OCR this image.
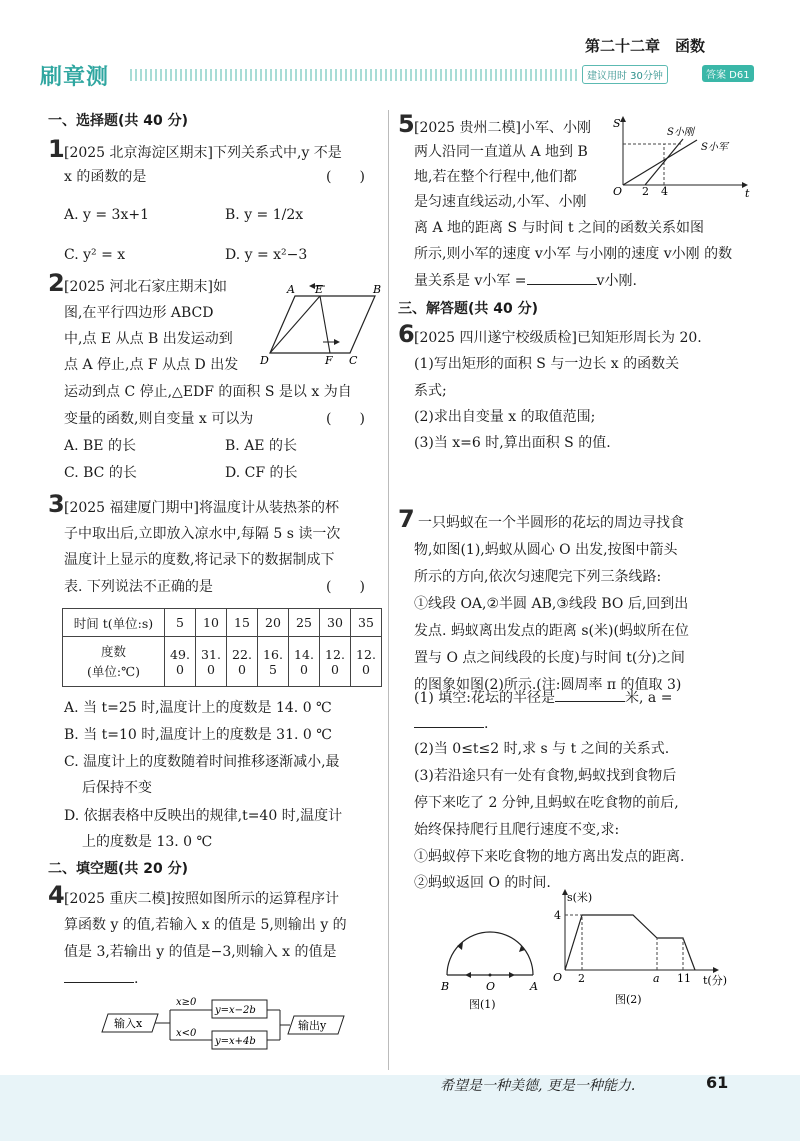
第二十二章　函数
刷章测	建议用时 30分钟	答案 D61
一、选择题(共 40 分)
1 [2025 北京海淀区期末]下列关系式中,y 不是
x 的函数的是	(　　)
A. y = 3x+1	B. y = 1/2x
C. y² = x	D. y = x²−3
2 [2025 河北石家庄期末]如
图,在平行四边形 ABCD
中,点 E 从点 B 出发运动到
点 A 停止,点 F 从点 D 出发
运动到点 C 停止,△EDF 的面积 S 是以 x 为自
变量的函数,则自变量 x 可以为	(　　)
A. BE 的长	B. AE 的长
C. BC 的长	D. CF 的长
A E	B
D	F C
3 [2025 福建厦门期中]将温度计从装热茶的杯
子中取出后,立即放入凉水中,每隔 5 s 读一次
温度计上显示的度数,将记录下的数据制成下
表. 下列说法不正确的是	(　　)
时间 t(单位:s)	5	10	15	20	25	30	35
度数
(单位:℃)	49. 0	31. 0	22. 0	16. 5	14. 0	12. 0	12. 0
A. 当 t=25 时,温度计上的度数是 14. 0 ℃
B. 当 t=10 时,温度计上的度数是 31. 0 ℃
C. 温度计上的度数随着时间推移逐渐减小,最
后保持不变
D. 依据表格中反映出的规律,t=40 时,温度计
上的度数是 13. 0 ℃
二、填空题(共 20 分)
4 [2025 重庆二模]按照如图所示的运算程序计
算函数 y 的值,若输入 x 的值是 5,则输出 y 的
值是 3,若输出 y 的值是−3,则输入 x 的值是
.
输入x
x≥0
x<0
y=x−2b
y=x+4b
输出y
5 [2025 贵州二模]小军、小刚
两人沿同一直道从 A 地到 B
地,若在整个行程中,他们都
是匀速直线运动,小军、小刚
离 A 地的距离 S 与时间 t 之间的函数关系如图
所示,则小军的速度 v小军 与小刚的速度 v小刚 的数
量关系是 v小军 =	v小刚.
S
t
O 2 4
S小刚
S小军
三、解答题(共 40 分)
6 [2025 四川遂宁校级质检]已知矩形周长为 20.
(1)写出矩形的面积 S 与一边长 x 的函数关
系式;
(2)求出自变量 x 的取值范围;
(3)当 x=6 时,算出面积 S 的值.
7 一只蚂蚁在一个半圆形的花坛的周边寻找食
物,如图(1),蚂蚁从圆心 O 出发,按图中箭头
所示的方向,依次匀速爬完下列三条线路:
①线段 OA,②半圆 AB,③线段 BO 后,回到出
发点. 蚂蚁离出发点的距离 s(米)(蚂蚁所在位
置与 O 点之间线段的长度)与时间 t(分)之间
的图象如图(2)所示.(注:圆周率 π 的值取 3)
(1) 填空:花坛的半径是	米, a =
.
(2)当 0≤t≤2 时,求 s 与 t 之间的关系式.
(3)若沿途只有一处有食物,蚂蚁找到食物后
停下来吃了 2 分钟,且蚂蚁在吃食物的前后,
始终保持爬行且爬行速度不变,求:
①蚂蚁停下来吃食物的地方离出发点的距离.
②蚂蚁返回 O 的时间.
B	O	A
图(1)
s(米)
4
O 2	a 11 t(分)
图(2)
希望是一种美德, 更是一种能力.	61
